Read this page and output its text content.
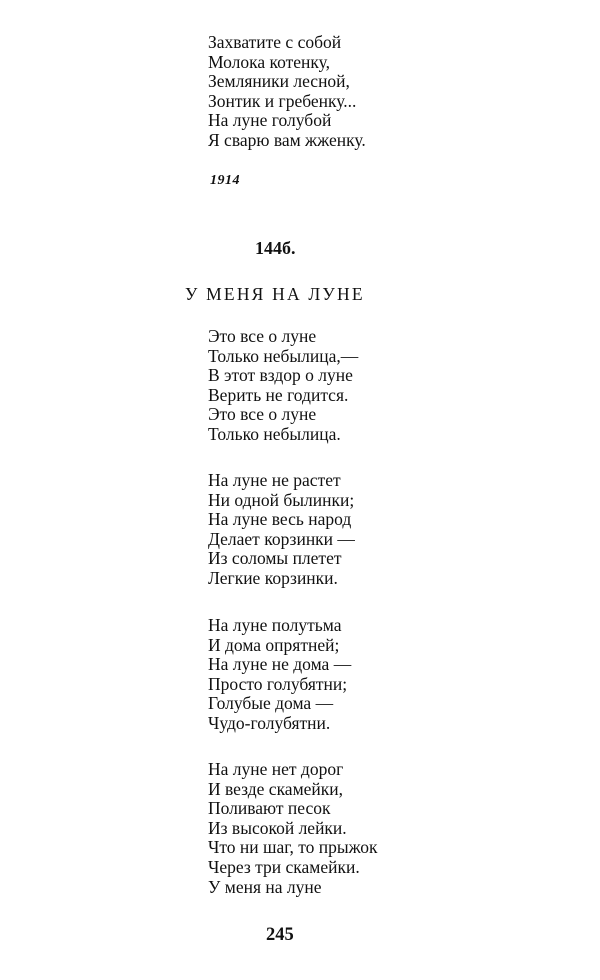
Захватите с собой
Молока котенку,
Земляники лесной,
Зонтик и гребенку...
На луне голубой
Я сварю вам жженку.
1914
144б.
У МЕНЯ НА ЛУНЕ
Это все о луне
Только небылица,—
В этот вздор о луне
Верить не годится.
Это все о луне
Только небылица.
На луне не растет
Ни одной былинки;
На луне весь народ
Делает корзинки —
Из соломы плетет
Легкие корзинки.
На луне полутьма
И дома опрятней;
На луне не дома —
Просто голубятни;
Голубые дома —
Чудо-голубятни.
На луне нет дорог
И везде скамейки,
Поливают песок
Из высокой лейки.
Что ни шаг, то прыжок
Через три скамейки.
У меня на луне
245
